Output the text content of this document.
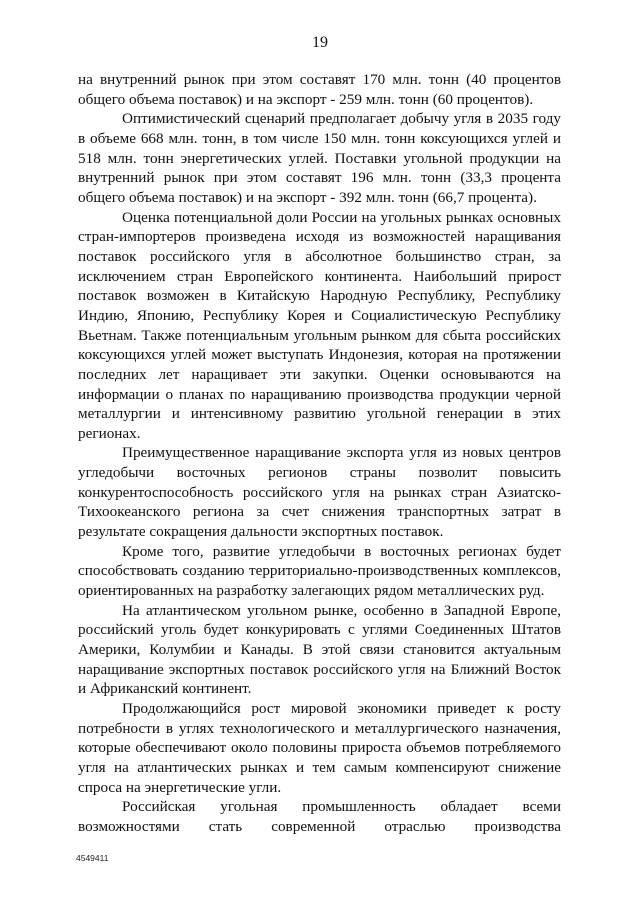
19

на внутренний рынок при этом составят 170 млн. тонн (40 процентов общего объема поставок) и на экспорт - 259 млн. тонн (60 процентов).

Оптимистический сценарий предполагает добычу угля в 2035 году в объеме 668 млн. тонн, в том числе 150 млн. тонн коксующихся углей и 518 млн. тонн энергетических углей. Поставки угольной продукции на внутренний рынок при этом составят 196 млн. тонн (33,3 процента общего объема поставок) и на экспорт - 392 млн. тонн (66,7 процента).

Оценка потенциальной доли России на угольных рынках основных стран-импортеров произведена исходя из возможностей наращивания поставок российского угля в абсолютное большинство стран, за исключением стран Европейского континента. Наибольший прирост поставок возможен в Китайскую Народную Республику, Республику Индию, Японию, Республику Корея и Социалистическую Республику Вьетнам. Также потенциальным угольным рынком для сбыта российских коксующихся углей может выступать Индонезия, которая на протяжении последних лет наращивает эти закупки. Оценки основываются на информации о планах по наращиванию производства продукции черной металлургии и интенсивному развитию угольной генерации в этих регионах.

Преимущественное наращивание экспорта угля из новых центров угледобычи восточных регионов страны позволит повысить конкурентоспособность российского угля на рынках стран Азиатско-Тихоокеанского региона за счет снижения транспортных затрат в результате сокращения дальности экспортных поставок.

Кроме того, развитие угледобычи в восточных регионах будет способствовать созданию территориально-производственных комплексов, ориентированных на разработку залегающих рядом металлических руд.

На атлантическом угольном рынке, особенно в Западной Европе, российский уголь будет конкурировать с углями Соединенных Штатов Америки, Колумбии и Канады. В этой связи становится актуальным наращивание экспортных поставок российского угля на Ближний Восток и Африканский континент.

Продолжающийся рост мировой экономики приведет к росту потребности в углях технологического и металлургического назначения, которые обеспечивают около половины прироста объемов потребляемого угля на атлантических рынках и тем самым компенсируют снижение спроса на энергетические угли.

Российская угольная промышленность обладает всеми возможностями стать современной отраслью производства

4549411
